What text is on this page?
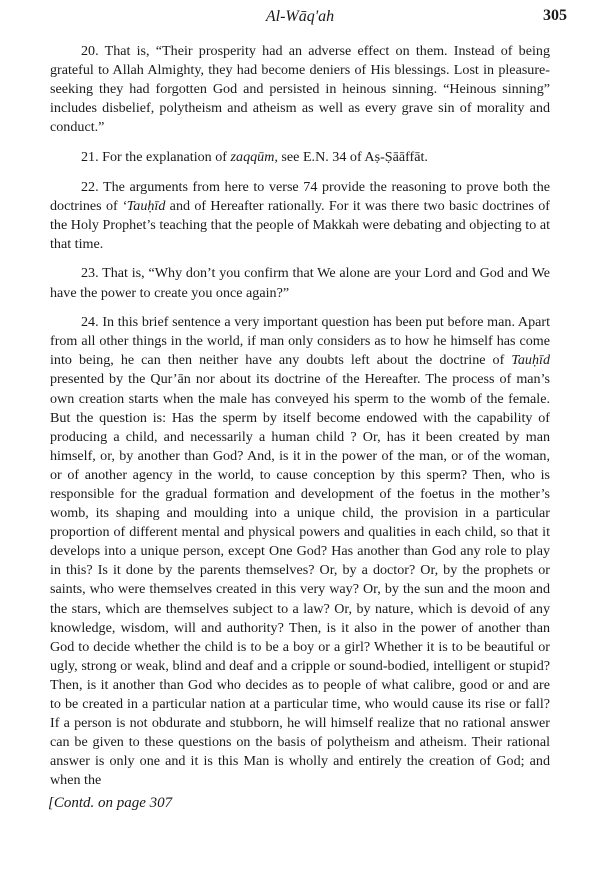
Al-Wāq'ah	305

20. That is, “Their prosperity had an adverse effect on them. Instead of being grateful to Allah Almighty, they had become deniers of His blessings. Lost in pleasure-seeking they had forgotten God and persisted in heinous sinning. “Heinous sinning” includes disbelief, polytheism and atheism as well as every grave sin of morality and conduct.”

21. For the explanation of zaqqūm, see E.N. 34 of Aṣ-Ṣāāffāt.

22. The arguments from here to verse 74 provide the reasoning to prove both the doctrines of ‘Tauḥīd and of Hereafter rationally. For it was there two basic doctrines of the Holy Prophet’s teaching that the people of Makkah were debating and objecting to at that time.

23. That is, “Why don’t you confirm that We alone are your Lord and God and We have the power to create you once again?”

24. In this brief sentence a very important question has been put before man. Apart from all other things in the world, if man only considers as to how he himself has come into being, he can then neither have any doubts left about the doctrine of Tauḥīd presented by the Qur’ān nor about its doctrine of the Hereafter. The process of man’s own creation starts when the male has conveyed his sperm to the womb of the female. But the question is: Has the sperm by itself become endowed with the capability of producing a child, and necessarily a human child ? Or, has it been created by man himself, or, by another than God? And, is it in the power of the man, or of the woman, or of another agency in the world, to cause conception by this sperm? Then, who is responsible for the gradual formation and development of the foetus in the mother’s womb, its shaping and moulding into a unique child, the provision in a particular proportion of different mental and physical powers and qualities in each child, so that it develops into a unique person, except One God? Has another than God any role to play in this? Is it done by the parents themselves? Or, by a doctor? Or, by the prophets or saints, who were themselves created in this very way? Or, by the sun and the moon and the stars, which are themselves subject to a law? Or, by nature, which is devoid of any knowledge, wisdom, will and authority? Then, is it also in the power of another than God to decide whether the child is to be a boy or a girl? Whether it is to be beautiful or ugly, strong or weak, blind and deaf and a cripple or sound-bodied, intelligent or stupid? Then, is it another than God who decides as to people of what calibre, good or and are to be created in a particular nation at a particular time, who would cause its rise or fall? If a person is not obdurate and stubborn, he will himself realize that no rational answer can be given to these questions on the basis of polytheism and atheism. Their rational answer is only one and it is this Man is wholly and entirely the creation of God; and when the

[Contd. on page 307
